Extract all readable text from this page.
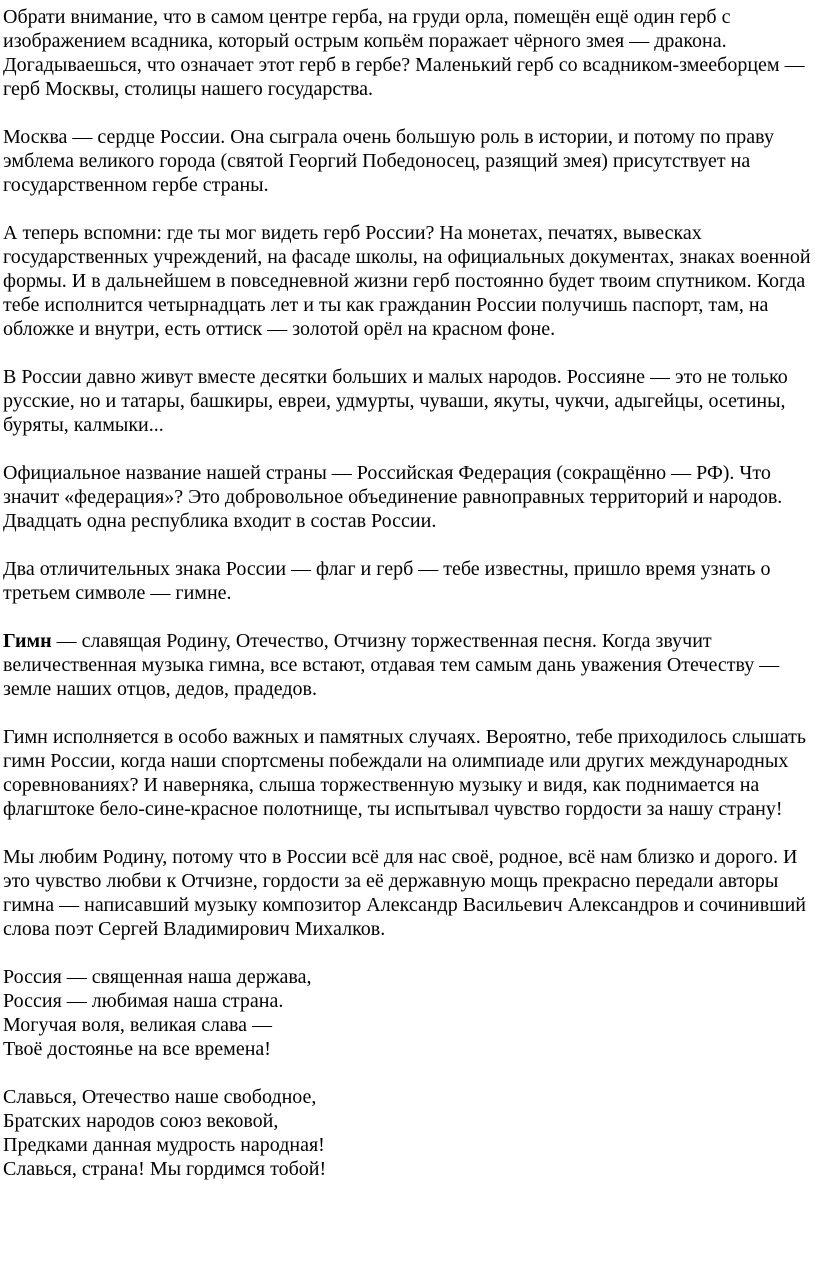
Обрати внимание, что в самом центре герба, на груди орла, помещён ещё один герб с изображением всадника, который острым копьём поражает чёрного змея — дракона. Догадываешься, что означает этот герб в гербе? Маленький герб со всадником-змееборцем — герб Москвы, столицы нашего государства.

Москва — сердце России. Она сыграла очень большую роль в истории, и потому по праву эмблема великого города (святой Георгий Победоносец, разящий змея) присутствует на государственном гербе страны.

А теперь вспомни: где ты мог видеть герб России? На монетах, печатях, вывесках государственных учреждений, на фасаде школы, на официальных документах, знаках военной формы. И в дальнейшем в повседневной жизни герб постоянно будет твоим спутником. Когда тебе исполнится четырнадцать лет и ты как гражданин России получишь паспорт, там, на обложке и внутри, есть оттиск — золотой орёл на красном фоне.

В России давно живут вместе десятки больших и малых народов. Россияне — это не только русские, но и татары, башкиры, евреи, удмурты, чуваши, якуты, чукчи, адыгейцы, осетины, буряты, калмыки...

Официальное название нашей страны — Российская Федерация (сокращённо — РФ). Что значит «федерация»? Это добровольное объединение равноправных территорий и народов. Двадцать одна республика входит в состав России.

Два отличительных знака России — флаг и герб — тебе известны, пришло время узнать о третьем символе — гимне.

Гимн — славящая Родину, Отечество, Отчизну торжественная песня. Когда звучит величественная музыка гимна, все встают, отдавая тем самым дань уважения Отечеству — земле наших отцов, дедов, прадедов.

Гимн исполняется в особо важных и памятных случаях. Вероятно, тебе приходилось слышать гимн России, когда наши спортсмены побеждали на олимпиаде или других международных соревнованиях? И наверняка, слыша торжественную музыку и видя, как поднимается на флагштоке бело-сине-красное полотнище, ты испытывал чувство гордости за нашу страну!

Мы любим Родину, потому что в России всё для нас своё, родное, всё нам близко и дорого. И это чувство любви к Отчизне, гордости за её державную мощь прекрасно передали авторы гимна — написавший музыку композитор Александр Васильевич Александров и сочинивший слова поэт Сергей Владимирович Михалков.

Россия — священная наша держава,
Россия — любимая наша страна.
Могучая воля, великая слава —
Твоё достоянье на все времена!
Славься, Отечество наше свободное,
Братских народов союз вековой,
Предками данная мудрость народная!
Славься, страна! Мы гордимся тобой!
